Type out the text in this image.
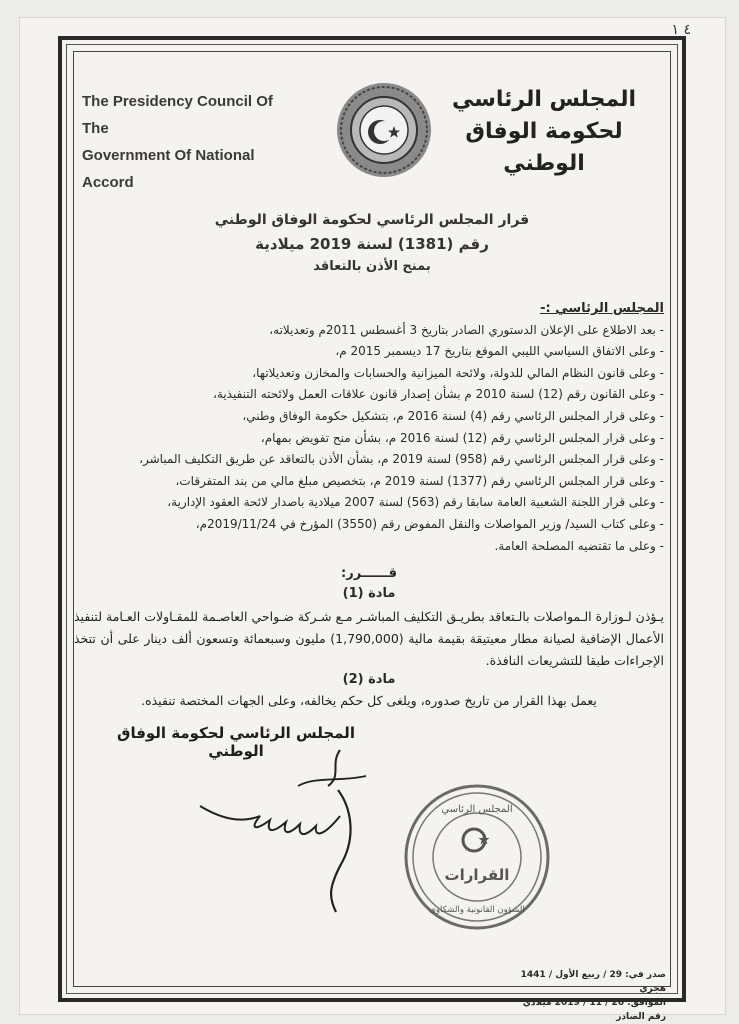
٤ ١
The Presidency Council Of The
Government Of National Accord
المجلس الرئاسي
لحكومة الوفاق الوطني
قرار المجلس الرئاسي لحكومة الوفاق الوطني
رقم (1381) لسنة 2019 ميلادية
بمنح الأذن بالتعاقد
المجلس الرئاسي :-
- بعد الاطلاع على الإعلان الدستوري الصادر بتاريخ 3 أغسطس 2011م وتعديلاته،
- وعلى الاتفاق السياسي الليبي الموقع بتاريخ 17 ديسمبر 2015 م،
- وعلى قانون النظام المالي للدولة، ولائحة الميزانية والحسابات والمخازن وتعديلاتها،
- وعلى القانون رقم (12) لسنة 2010 م بشأن إصدار قانون علاقات العمل ولائحته التنفيذية،
- وعلى قرار المجلس الرئاسي رقم (4) لسنة 2016 م، بتشكيل حكومة الوفاق وطني،
- وعلى قرار المجلس الرئاسي رقم (12) لسنة 2016 م، بشأن منح تفويض بمهام،
- وعلى قرار المجلس الرئاسي رقم (958) لسنة 2019 م، بشأن الأذن بالتعاقد عن طريق التكليف المباشر،
- وعلى قرار المجلس الرئاسي رقم (1377) لسنة 2019 م، بتخصيص مبلغ مالي من بند المتفرقات،
- وعلى قرار اللجنة الشعبية العامة سابقا رقم (563) لسنة 2007 ميلادية باصدار لائحة العقود الإدارية،
- وعلى كتاب السيد/ وزير المواصلات والنقل المفوض رقم (3550) المؤرخ في 2019/11/24م،
- وعلى ما تقتضيه المصلحة العامة.
قــــــرر:
مادة (1)
يـؤذن لـوزارة الـمواصلات بالـتعاقد بطريـق التكليف المباشـر مـع شـركة ضـواحي العاصـمة للمقـاولات العـامة لتنفيذ الأعمال الإضافية لصيانة مطار معيتيقة بقيمة مالية (1,790,000) مليون وسبعمائة وتسعون ألف دينار على أن تتخذ الإجراءات طبقا للتشريعات النافذة.
مادة (2)
يعمل بهذا القرار من تاريخ صدوره، ويلغى كل حكم يخالفه، وعلى الجهات المختصة تنفيذه.
المجلس الرئاسي لحكومة الوفاق الوطني
المجلس الرئاسي
القرارات
الشؤون القانونية والشكاوى
صدر في: 29 / ربيع الأول / 1441 هجري
الموافق: 26 / 11 / 2019 ميلادي
رقم الصادر
